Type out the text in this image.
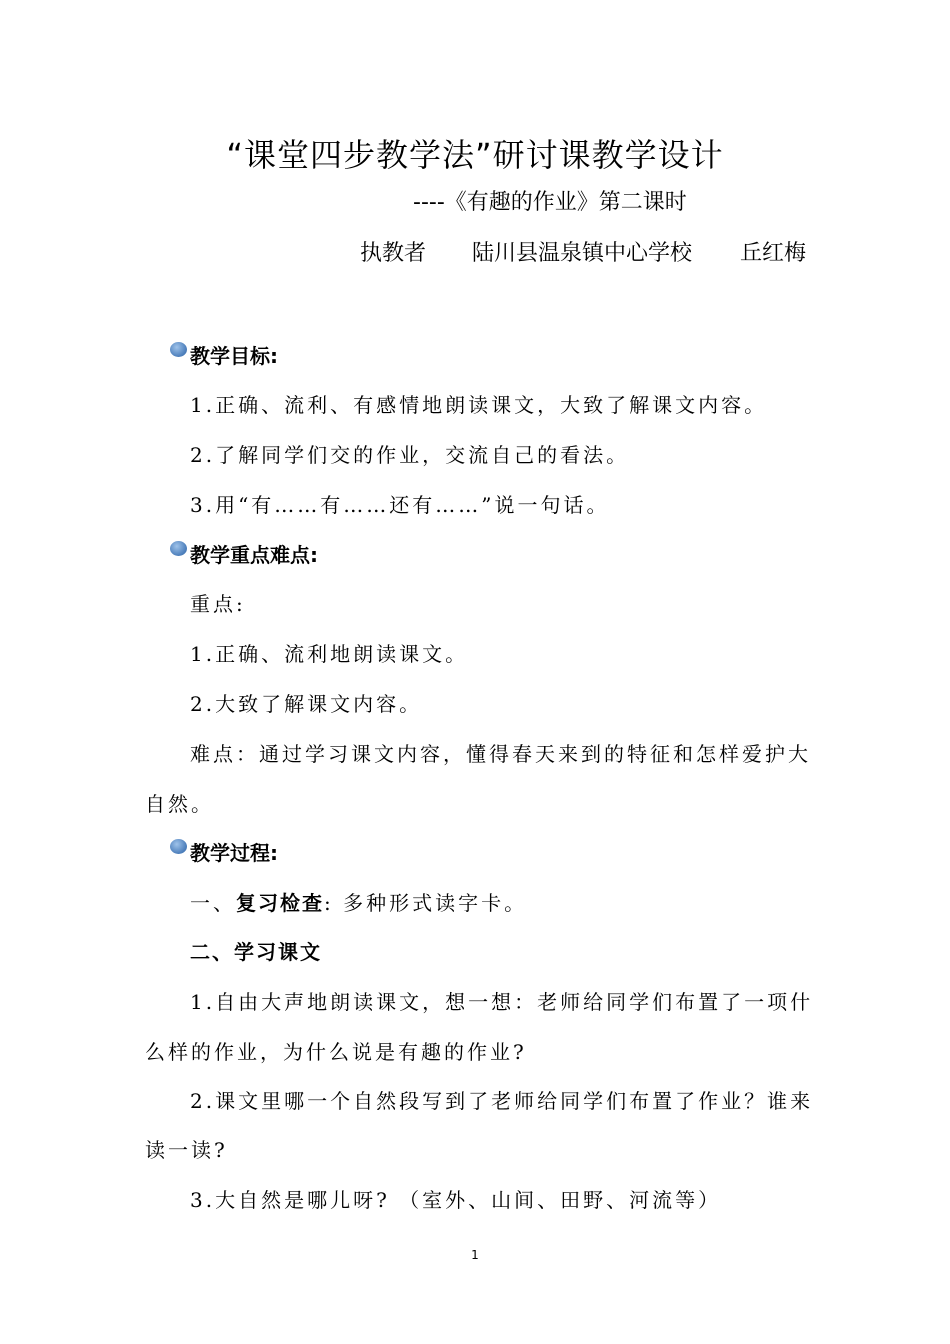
“课堂四步教学法”研讨课教学设计
----《有趣的作业》第二课时
执教者 陆川县温泉镇中心学校 丘红梅
教学目标:
1.正确、流利、有感情地朗读课文，大致了解课文内容。
2.了解同学们交的作业，交流自己的看法。
3.用“有……有……还有……”说一句话。
教学重点难点:
重点:
1.正确、流利地朗读课文。
2.大致了解课文内容。
难点：通过学习课文内容，懂得春天来到的特征和怎样爱护大
自然。
教学过程:
一、复习检查: 多种形式读字卡。
二、学习课文
1.自由大声地朗读课文，想一想：老师给同学们布置了一项什
么样的作业，为什么说是有趣的作业?
2.课文里哪一个自然段写到了老师给同学们布置了作业？谁来
读一读?
3.大自然是哪儿呀? （室外、山间、田野、河流等）
1
